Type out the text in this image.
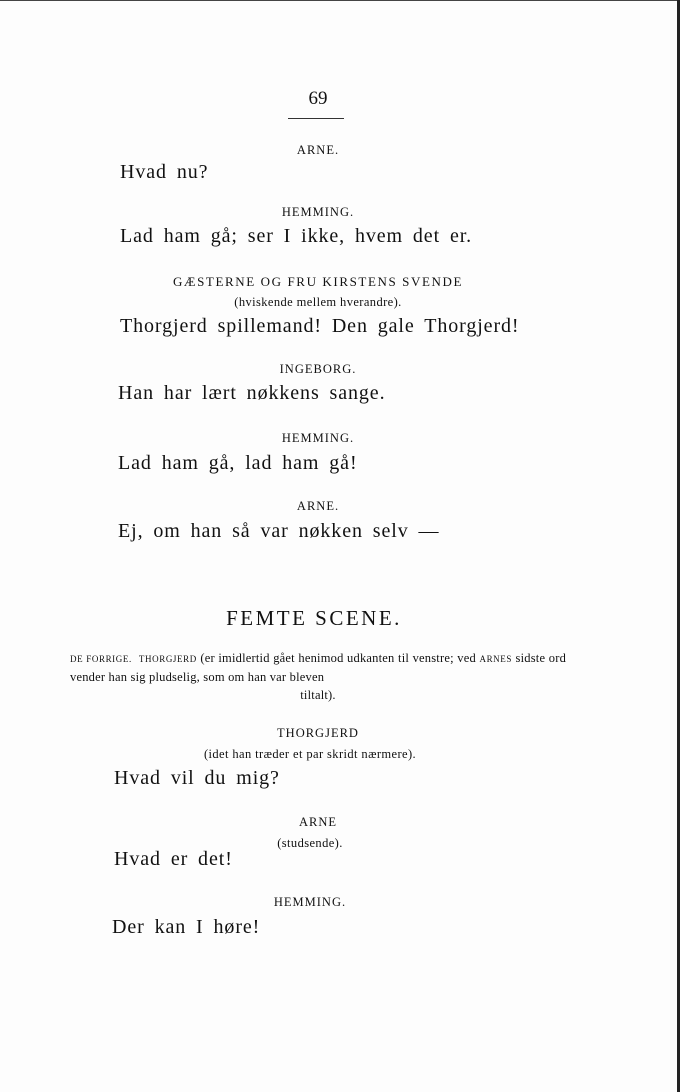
69
ARNE.
Hvad nu?
HEMMING.
Lad ham gå; ser I ikke, hvem det er.
GÆSTERNE OG FRU KIRSTENS SVENDE
(hviskende mellem hverandre).
Thorgjerd spillemand! Den gale Thorgjerd!
INGEBORG.
Han har lært nøkkens sange.
HEMMING.
Lad ham gå, lad ham gå!
ARNE.
Ej, om han så var nøkken selv —
FEMTE SCENE.
DE FORRIGE. THORGJERD (er imidlertid gået henimod udkanten til venstre; ved ARNES sidste ord vender han sig pludselig, som om han var bleven
tiltalt).
THORGJERD
(idet han træder et par skridt nærmere).
Hvad vil du mig?
ARNE
(studsende).
Hvad er det!
HEMMING.
Der kan I høre!
